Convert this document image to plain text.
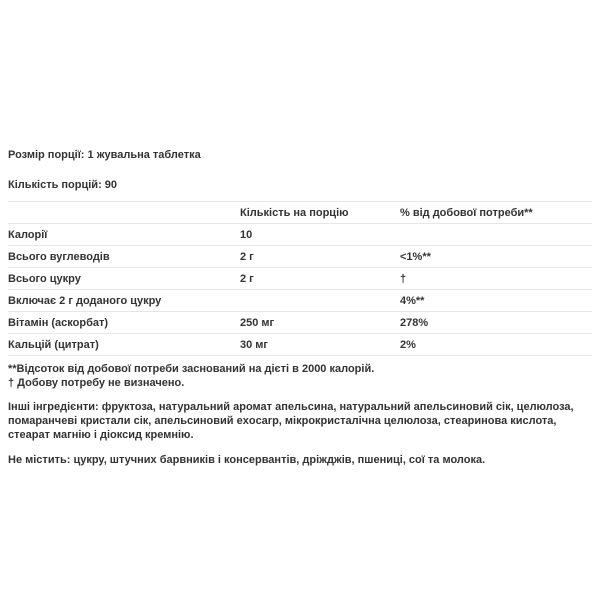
Розмір порції: 1 жувальна таблетка

Кількість порцій: 90

	Кількість на порцію	% від добової потреби**
Калорії	10	
Всього вуглеводів	2 г	<1%**
Всього цукру	2 г	†
Включає 2 г доданого цукру		4%**
Вітамін (аскорбат)	250 мг	278%
Кальцій (цитрат)	30 мг	2%
**Відсоток від добової потреби заснований на дієті в 2000 калорій.
† Добову потребу не визначено.

Інші інгредієнти: фруктоза, натуральний аромат апельсина, натуральний апельсиновий сік, целюлоза, помаранчеві кристали сік, апельсиновий exocarp, мікрокристалічна целюлоза, стеаринова кислота, стеарат магнію і діоксид кремнію.

Не містить: цукру, штучних барвників і консервантів, дріжджів, пшениці, сої та молока.
